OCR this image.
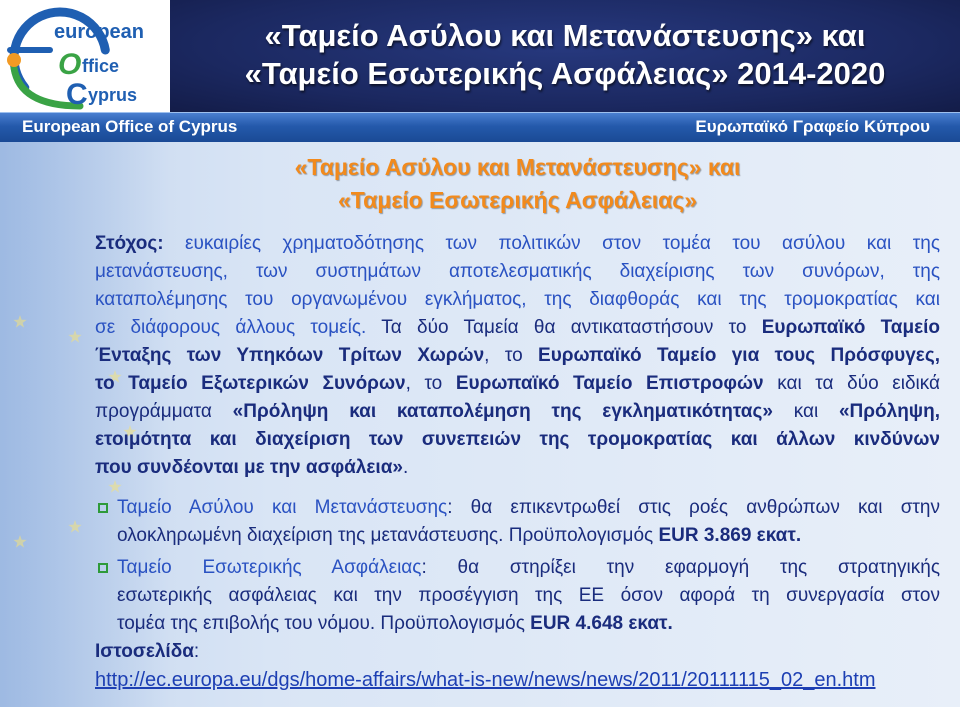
european
O ffice
C yprus
«Ταμείο Ασύλου και Μετανάστευσης» και
«Ταμείο Εσωτερικής Ασφάλειας» 2014-2020
European Office of Cyprus	Ευρωπαϊκό Γραφείο Κύπρου
«Ταμείο Ασύλου και Μετανάστευσης» και
«Ταμείο Εσωτερικής Ασφάλειας»
Στόχος: ευκαιρίες χρηματοδότησης των πολιτικών στον τομέα του ασύλου και της
μετανάστευσης, των συστημάτων αποτελεσματικής διαχείρισης των συνόρων, της
καταπολέμησης του οργανωμένου εγκλήματος, της διαφθοράς και της τρομοκρατίας και
σε διάφορους άλλους τομείς. Τα δύο Ταμεία θα αντικαταστήσουν το Ευρωπαϊκό Ταμείο
Ένταξης των Υπηκόων Τρίτων Χωρών, το Ευρωπαϊκό Ταμείο για τους Πρόσφυγες,
το Ταμείο Εξωτερικών Συνόρων, το Ευρωπαϊκό Ταμείο Επιστροφών και τα δύο ειδικά
προγράμματα «Πρόληψη και καταπολέμηση της εγκληματικότητας» και «Πρόληψη,
ετοιμότητα και διαχείριση των συνεπειών της τρομοκρατίας και άλλων κινδύνων
που συνδέονται με την ασφάλεια».
Ταμείο Ασύλου και Μετανάστευσης: θα επικεντρωθεί στις ροές ανθρώπων και στην
ολοκληρωμένη διαχείριση της μετανάστευσης. Προϋπολογισμός EUR 3.869 εκατ.
Ταμείο Εσωτερικής Ασφάλειας: θα στηρίξει την εφαρμογή της στρατηγικής
εσωτερικής ασφάλειας και την προσέγγιση της ΕΕ όσον αφορά τη συνεργασία στον
τομέα της επιβολής του νόμου. Προϋπολογισμός EUR 4.648 εκατ.
Ιστοσελίδα:
http://ec.europa.eu/dgs/home-affairs/what-is-new/news/news/2011/20111115_02_en.htm
